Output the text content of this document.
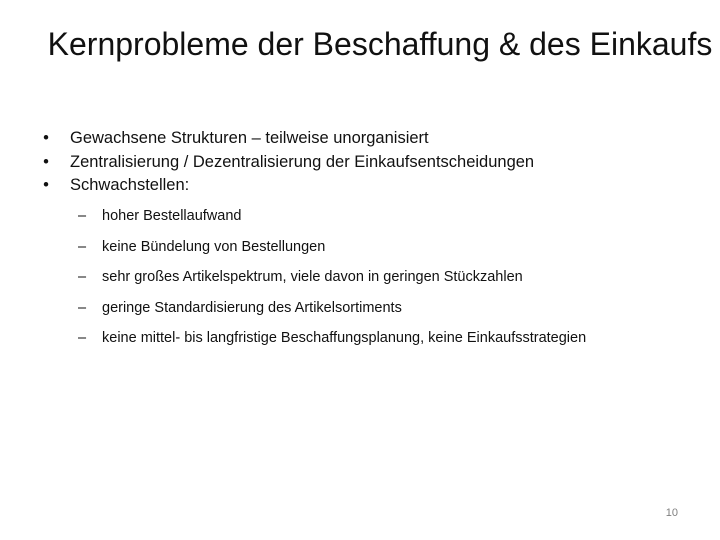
Kernprobleme der Beschaffung & des Einkaufs
• Gewachsene Strukturen – teilweise unorganisiert
• Zentralisierung / Dezentralisierung der Einkaufsentscheidungen
• Schwachstellen:
– hoher Bestellaufwand
– keine Bündelung von Bestellungen
– sehr großes Artikelspektrum, viele davon in geringen Stückzahlen
– geringe Standardisierung des Artikelsortiments
– keine mittel- bis langfristige Beschaffungsplanung, keine Einkaufsstrategien
10
